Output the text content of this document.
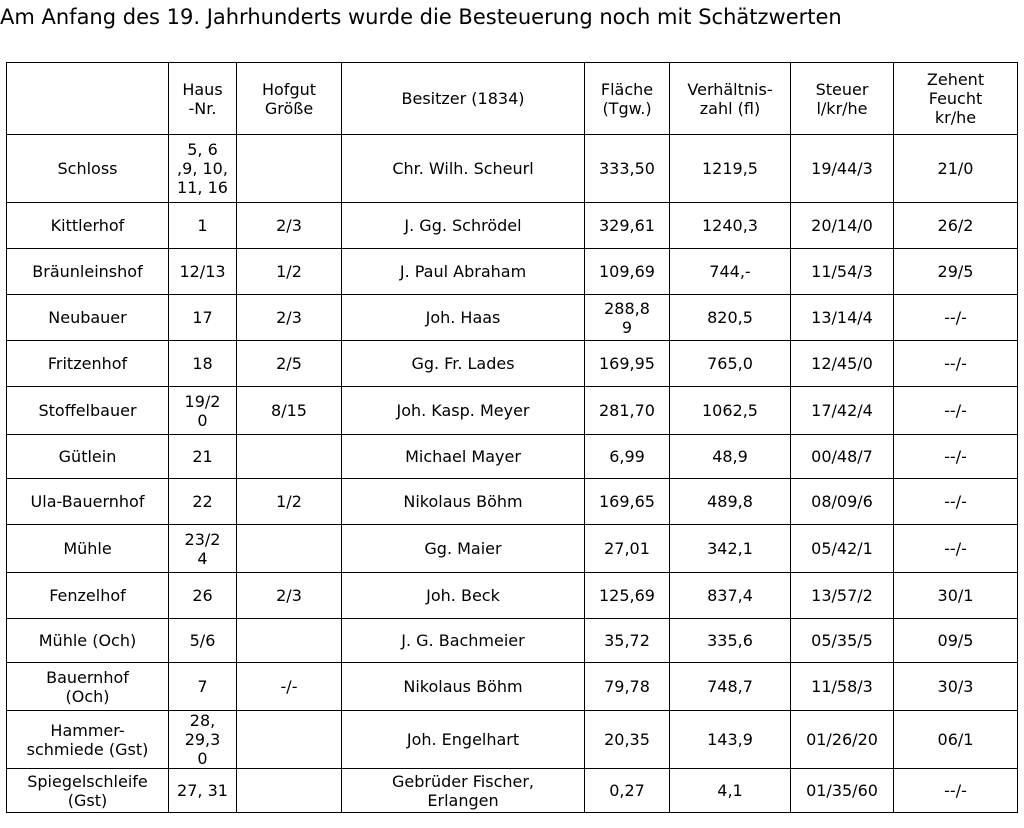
Am Anfang des 19. Jahrhunderts wurde die Besteuerung noch mit Schätzwerten
	Haus
-Nr.	Hofgut
Größe	Besitzer (1834)	Fläche
(Tgw.)	Verhältnis-
zahl (fl)	Steuer
l/kr/he	Zehent
Feucht
kr/he
Schloss	5, 6
,9, 10,
11, 16		Chr. Wilh. Scheurl	333,50	1219,5	19/44/3	21/0
Kittlerhof	1	2/3	J. Gg. Schrödel	329,61	1240,3	20/14/0	26/2
Bräunleinshof	12/13	1/2	J. Paul Abraham	109,69	744,-	11/54/3	29/5
Neubauer	17	2/3	Joh. Haas	288,8
9	820,5	13/14/4	--/-
Fritzenhof	18	2/5	Gg. Fr. Lades	169,95	765,0	12/45/0	--/-
Stoffelbauer	19/2
0	8/15	Joh. Kasp. Meyer	281,70	1062,5	17/42/4	--/-
Gütlein	21		Michael Mayer	6,99	48,9	00/48/7	--/-
Ula-Bauernhof	22	1/2	Nikolaus Böhm	169,65	489,8	08/09/6	--/-
Mühle	23/2
4		Gg. Maier	27,01	342,1	05/42/1	--/-
Fenzelhof	26	2/3	Joh. Beck	125,69	837,4	13/57/2	30/1
Mühle (Och)	5/6		J. G. Bachmeier	35,72	335,6	05/35/5	09/5
Bauernhof
(Och)	7	-/-	Nikolaus Böhm	79,78	748,7	11/58/3	30/3
Hammer-
schmiede (Gst)	28,
29,3
0		Joh. Engelhart	20,35	143,9	01/26/20	06/1
Spiegelschleife
(Gst)	27, 31		Gebrüder Fischer,
Erlangen	0,27	4,1	01/35/60	--/-
